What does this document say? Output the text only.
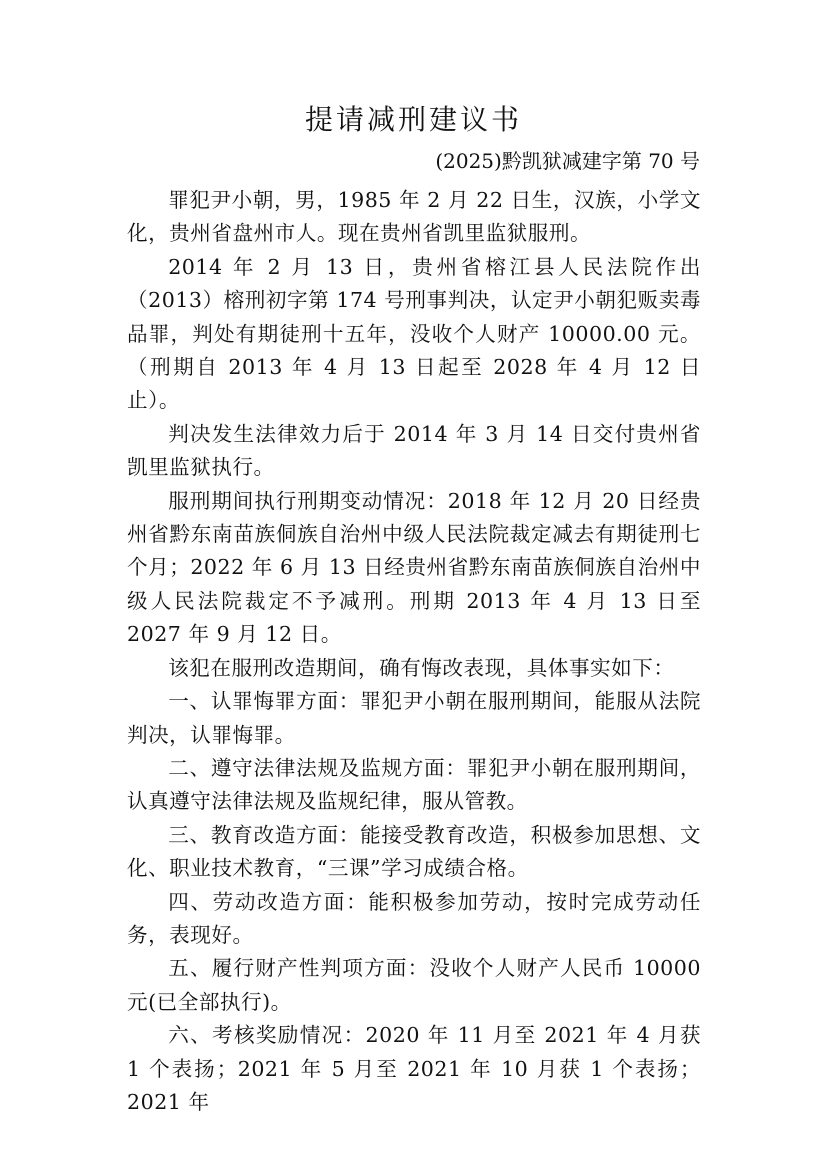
提请减刑建议书
(2025)黔凯狱减建字第 70 号

罪犯尹小朝，男，1985 年 2 月 22 日生，汉族，小学文化，贵州省盘州市人。现在贵州省凯里监狱服刑。

2014 年 2 月 13 日，贵州省榕江县人民法院作出（2013）榕刑初字第 174 号刑事判决，认定尹小朝犯贩卖毒品罪，判处有期徒刑十五年，没收个人财产 10000.00 元。（刑期自 2013 年 4 月 13 日起至 2028 年 4 月 12 日止）。

判决发生法律效力后于 2014 年 3 月 14 日交付贵州省凯里监狱执行。

服刑期间执行刑期变动情况：2018 年 12 月 20 日经贵州省黔东南苗族侗族自治州中级人民法院裁定减去有期徒刑七个月；2022 年 6 月 13 日经贵州省黔东南苗族侗族自治州中级人民法院裁定不予减刑。刑期 2013 年 4 月 13 日至 2027 年 9 月 12 日。

该犯在服刑改造期间，确有悔改表现，具体事实如下：

一、认罪悔罪方面：罪犯尹小朝在服刑期间，能服从法院判决，认罪悔罪。

二、遵守法律法规及监规方面：罪犯尹小朝在服刑期间，认真遵守法律法规及监规纪律，服从管教。

三、教育改造方面：能接受教育改造，积极参加思想、文化、职业技术教育，“三课”学习成绩合格。

四、劳动改造方面：能积极参加劳动，按时完成劳动任务，表现好。

五、履行财产性判项方面：没收个人财产人民币 10000 元(已全部执行)。

六、考核奖励情况：2020 年 11 月至 2021 年 4 月获 1 个表扬；2021 年 5 月至 2021 年 10 月获 1 个表扬；2021 年
